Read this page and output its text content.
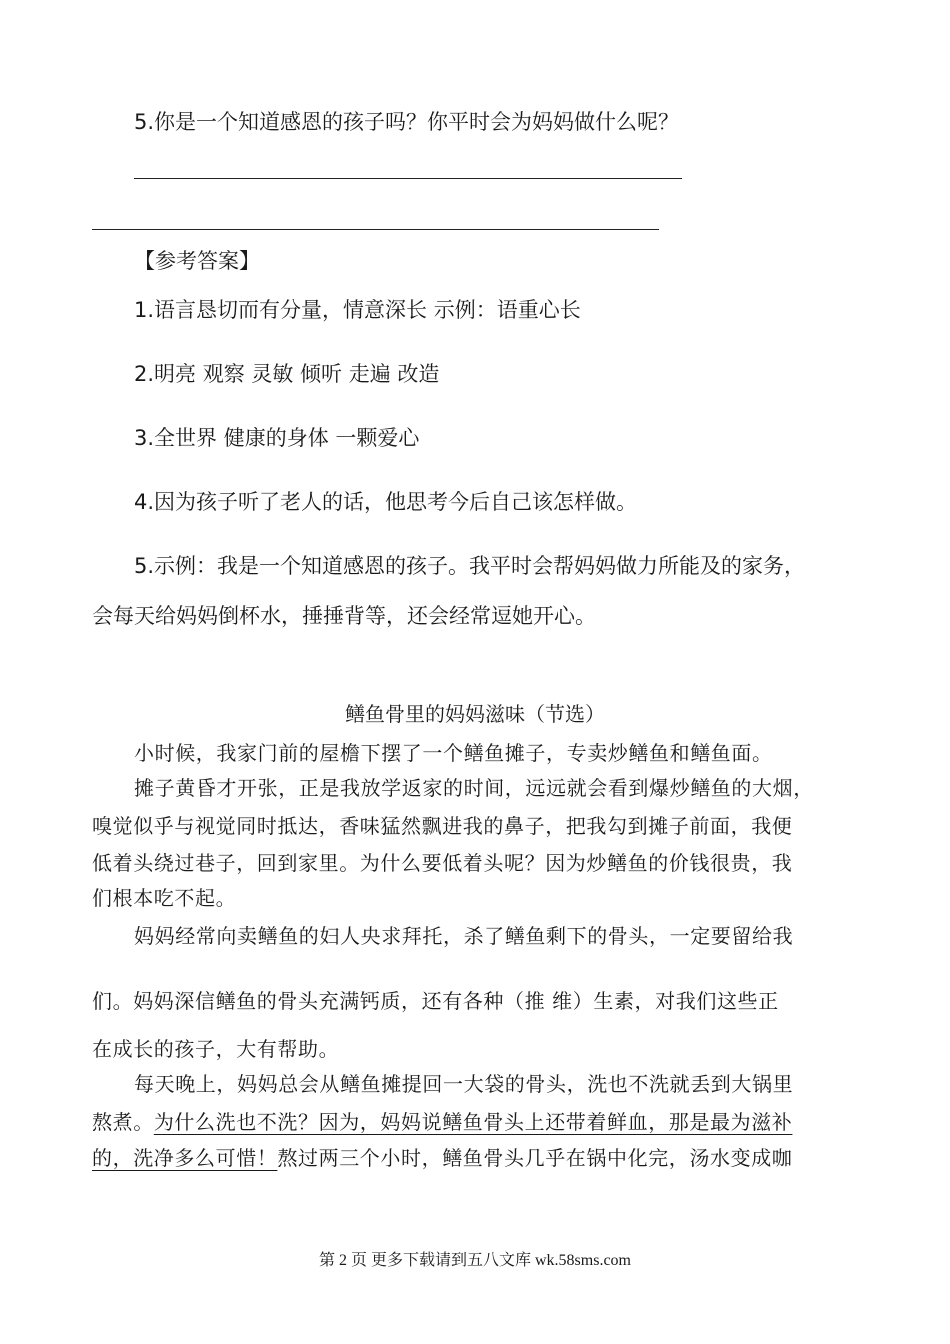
5.你是一个知道感恩的孩子吗？你平时会为妈妈做什么呢？
【参考答案】
1.语言恳切而有分量，情意深长 示例：语重心长
2.明亮 观察 灵敏 倾听 走遍 改造
3.全世界 健康的身体 一颗爱心
4.因为孩子听了老人的话，他思考今后自己该怎样做。
5.示例：我是一个知道感恩的孩子。我平时会帮妈妈做力所能及的家务，
会每天给妈妈倒杯水，捶捶背等，还会经常逗她开心。
鳝鱼骨里的妈妈滋味（节选）
小时候，我家门前的屋檐下摆了一个鳝鱼摊子，专卖炒鳝鱼和鳝鱼面。
摊子黄昏才开张，正是我放学返家的时间，远远就会看到爆炒鳝鱼的大烟，
嗅觉似乎与视觉同时抵达，香味猛然飘进我的鼻子，把我勾到摊子前面，我便
低着头绕过巷子，回到家里。为什么要低着头呢？因为炒鳝鱼的价钱很贵，我
们根本吃不起。
妈妈经常向卖鳝鱼的妇人央求拜托，杀了鳝鱼剩下的骨头，一定要留给我
们。妈妈深信鳝鱼的骨头充满钙质，还有各种（推 维）生素，对我们这些正
在成长的孩子，大有帮助。
每天晚上，妈妈总会从鳝鱼摊提回一大袋的骨头，洗也不洗就丢到大锅里
熬煮。为什么洗也不洗？因为，妈妈说鳝鱼骨头上还带着鲜血，那是最为滋补
的，洗净多么可惜！熬过两三个小时，鳝鱼骨头几乎在锅中化完，汤水变成咖
第 2 页 更多下载请到五八文库 wk.58sms.com
